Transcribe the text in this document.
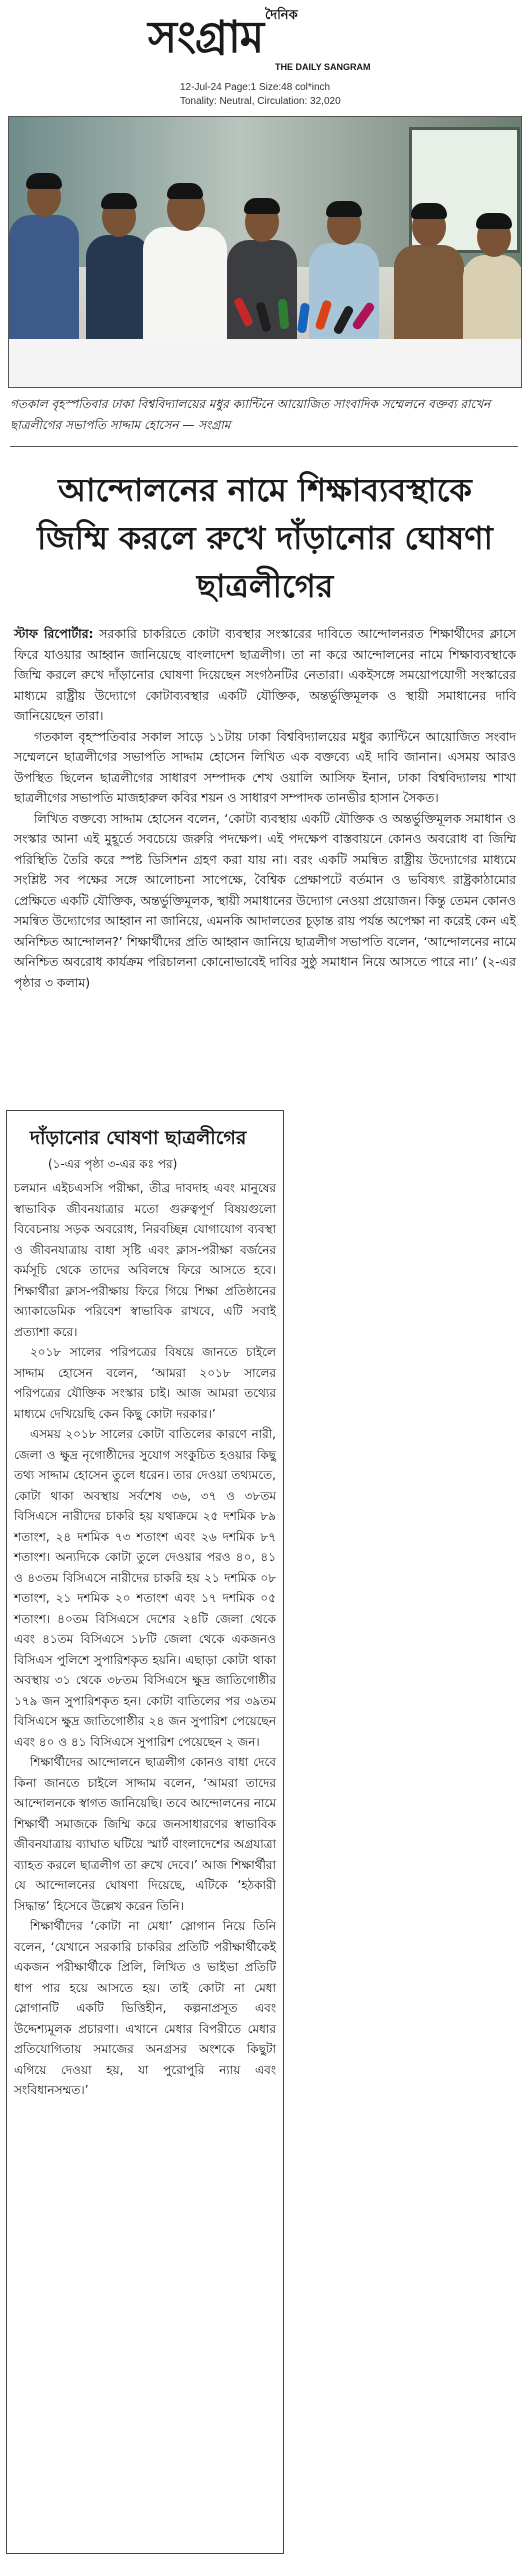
দৈনিক
সংগ্রাম
THE DAILY SANGRAM
12-Jul-24 Page:1 Size:48 col*inch
Tonality: Neutral, Circulation: 32,020
গতকাল বৃহস্পতিবার ঢাকা বিশ্ববিদ্যালয়ের মধুর ক্যান্টিনে আয়োজিত সাংবাদিক সম্মেলনে বক্তব্য রাখেন ছাত্রলীগের সভাপতি সাদ্দাম হোসেন — সংগ্রাম
আন্দোলনের নামে শিক্ষাব্যবস্থাকে জিম্মি করলে রুখে দাঁড়ানোর ঘোষণা ছাত্রলীগের

স্টাফ রিপোর্টার: সরকারি চাকরিতে কোটা ব্যবস্থার সংস্কারের দাবিতে আন্দোলনরত শিক্ষার্থীদের ক্লাসে ফিরে যাওয়ার আহ্বান জানিয়েছে বাংলাদেশ ছাত্রলীগ। তা না করে আন্দোলনের নামে শিক্ষাব্যবস্থাকে জিম্মি করলে রুখে দাঁড়ানোর ঘোষণা দিয়েছেন সংগঠনটির নেতারা। একইসঙ্গে সময়োপযোগী সংস্কারের মাধ্যমে রাষ্ট্রীয় উদ্যোগে কোটাব্যবস্থার একটি যৌক্তিক, অন্তর্ভুক্তিমূলক ও স্থায়ী সমাধানের দাবি জানিয়েছেন তারা।

গতকাল বৃহস্পতিবার সকাল সাড়ে ১১টায় ঢাকা বিশ্ববিদ্যালয়ের মধুর ক্যান্টিনে আয়োজিত সংবাদ সম্মেলনে ছাত্রলীগের সভাপতি সাদ্দাম হোসেন লিখিত এক বক্তব্যে এই দাবি জানান। এসময় আরও উপস্থিত ছিলেন ছাত্রলীগের সাধারণ সম্পাদক শেখ ওয়ালি আসিফ ইনান, ঢাকা বিশ্ববিদ্যালয় শাখা ছাত্রলীগের সভাপতি মাজহারুল কবির শয়ন ও সাধারণ সম্পাদক তানভীর হাসান সৈকত।

লিখিত বক্তব্যে সাদ্দাম হোসেন বলেন, ‘কোটা ব্যবস্থায় একটি যৌক্তিক ও অন্তর্ভুক্তিমূলক সমাধান ও সংস্কার আনা এই মুহূর্তে সবচেয়ে জরুরি পদক্ষেপ। এই পদক্ষেপ বাস্তবায়নে কোনও অবরোধ বা জিম্মি পরিস্থিতি তৈরি করে স্পষ্ট ডিসিশন গ্রহণ করা যায় না। বরং একটি সমন্বিত রাষ্ট্রীয় উদ্যোগের মাধ্যমে সংশ্লিষ্ট সব পক্ষের সঙ্গে আলোচনা সাপেক্ষে, বৈশ্বিক প্রেক্ষাপটে বর্তমান ও ভবিষ্যৎ রাষ্ট্রকাঠামোর প্রেক্ষিতে একটি যৌক্তিক, অন্তর্ভুক্তিমূলক, স্থায়ী সমাধানের উদ্যোগ নেওয়া প্রয়োজন। কিন্তু তেমন কোনও সমন্বিত উদ্যোগের আহ্বান না জানিয়ে, এমনকি আদালতের চূড়ান্ত রায় পর্যন্ত অপেক্ষা না করেই কেন এই অনিশ্চিত আন্দোলন?’ শিক্ষার্থীদের প্রতি আহ্বান জানিয়ে ছাত্রলীগ সভাপতি বলেন, ‘আন্দোলনের নামে অনিশ্চিত অবরোধ কার্যক্রম পরিচালনা কোনোভাবেই দাবির সুষ্ঠু সমাধান নিয়ে আসতে পারে না।’ (২-এর পৃষ্ঠার ৩ কলাম)

দাঁড়ানোর ঘোষণা ছাত্রলীগের
(১-এর পৃষ্ঠা ৩-এর কঃ পর)

চলমান এইচএসসি পরীক্ষা, তীব্র দাবদাহ এবং মানুষের স্বাভাবিক জীবনযাত্রার মতো গুরুত্বপূর্ণ বিষয়গুলো বিবেচনায় সড়ক অবরোধ, নিরবচ্ছিন্ন যোগাযোগ ব্যবস্থা ও জীবনযাত্রায় বাধা সৃষ্টি এবং ক্লাস-পরীক্ষা বর্জনের কর্মসূচি থেকে তাদের অবিলম্বে ফিরে আসতে হবে। শিক্ষার্থীরা ক্লাস-পরীক্ষায় ফিরে গিয়ে শিক্ষা প্রতিষ্ঠানের অ্যাকাডেমিক পরিবেশ স্বাভাবিক রাখবে, এটি সবাই প্রত্যাশা করে।

২০১৮ সালের পরিপত্রের বিষয়ে জানতে চাইলে সাদ্দাম হোসেন বলেন, ‘আমরা ২০১৮ সালের পরিপত্রের যৌক্তিক সংস্কার চাই। আজ আমরা তথ্যের মাধ্যমে দেখিয়েছি কেন কিছু কোটা দরকার।’

এসময় ২০১৮ সালের কোটা বাতিলের কারণে নারী, জেলা ও ক্ষুদ্র নৃগোষ্ঠীদের সুযোগ সংকুচিত হওয়ার কিছু তথ্য সাদ্দাম হোসেন তুলে ধরেন। তার দেওয়া তথ্যমতে, কোটা থাকা অবস্থায় সর্বশেষ ৩৬, ৩৭ ও ৩৮তম বিসিএসে নারীদের চাকরি হয় যথাক্রমে ২৫ দশমিক ৮৯ শতাংশ, ২৪ দশমিক ৭৩ শতাংশ এবং ২৬ দশমিক ৮৭ শতাংশ। অন্যদিকে কোটা তুলে দেওয়ার পরও ৪০, ৪১ ও ৪৩তম বিসিএসে নারীদের চাকরি হয় ২১ দশমিক ০৮ শতাংশ, ২১ দশমিক ২০ শতাংশ এবং ১৭ দশমিক ০৫ শতাংশ। ৪০তম বিসিএসে দেশের ২৪টি জেলা থেকে এবং ৪১তম বিসিএসে ১৮টি জেলা থেকে একজনও বিসিএস পুলিশে সুপারিশকৃত হয়নি। এছাড়া কোটা থাকা অবস্থায় ৩১ থেকে ৩৮তম বিসিএসে ক্ষুদ্র জাতিগোষ্ঠীর ১৭৯ জন সুপারিশকৃত হন। কোটা বাতিলের পর ৩৯তম বিসিএসে ক্ষুদ্র জাতিগোষ্ঠীর ২৪ জন সুপারিশ পেয়েছেন এবং ৪০ ও ৪১ বিসিএসে সুপারিশ পেয়েছেন ২ জন।

শিক্ষার্থীদের আন্দোলনে ছাত্রলীগ কোনও বাধা দেবে কিনা জানতে চাইলে সাদ্দাম বলেন, ‘আমরা তাদের আন্দোলনকে স্বাগত জানিয়েছি। তবে আন্দোলনের নামে শিক্ষার্থী সমাজকে জিম্মি করে জনসাধারণের স্বাভাবিক জীবনযাত্রায় ব্যাঘাত ঘটিয়ে স্মার্ট বাংলাদেশের অগ্রযাত্রা ব্যাহত করলে ছাত্রলীগ তা রুখে দেবে।’ আজ শিক্ষার্থীরা যে আন্দোলনের ঘোষণা দিয়েছে, এটিকে ‘হঠকারী সিদ্ধান্ত’ হিসেবে উল্লেখ করেন তিনি।

শিক্ষার্থীদের ‘কোটা না মেধা’ স্লোগান নিয়ে তিনি বলেন, ‘যেখানে সরকারি চাকরির প্রতিটি পরীক্ষার্থীকেই একজন পরীক্ষার্থীকে প্রিলি, লিখিত ও ভাইভা প্রতিটি ধাপ পার হয়ে আসতে হয়। তাই কোটা না মেধা স্লোগানটি একটি ভিত্তিহীন, কল্পনাপ্রসূত এবং উদ্দেশ্যমূলক প্রচারণা। এখানে মেধার বিপরীতে মেধার প্রতিযোগিতায় সমাজের অনগ্রসর অংশকে কিছুটা এগিয়ে দেওয়া হয়, যা পুরোপুরি ন্যায় এবং সংবিধানসম্মত।’
